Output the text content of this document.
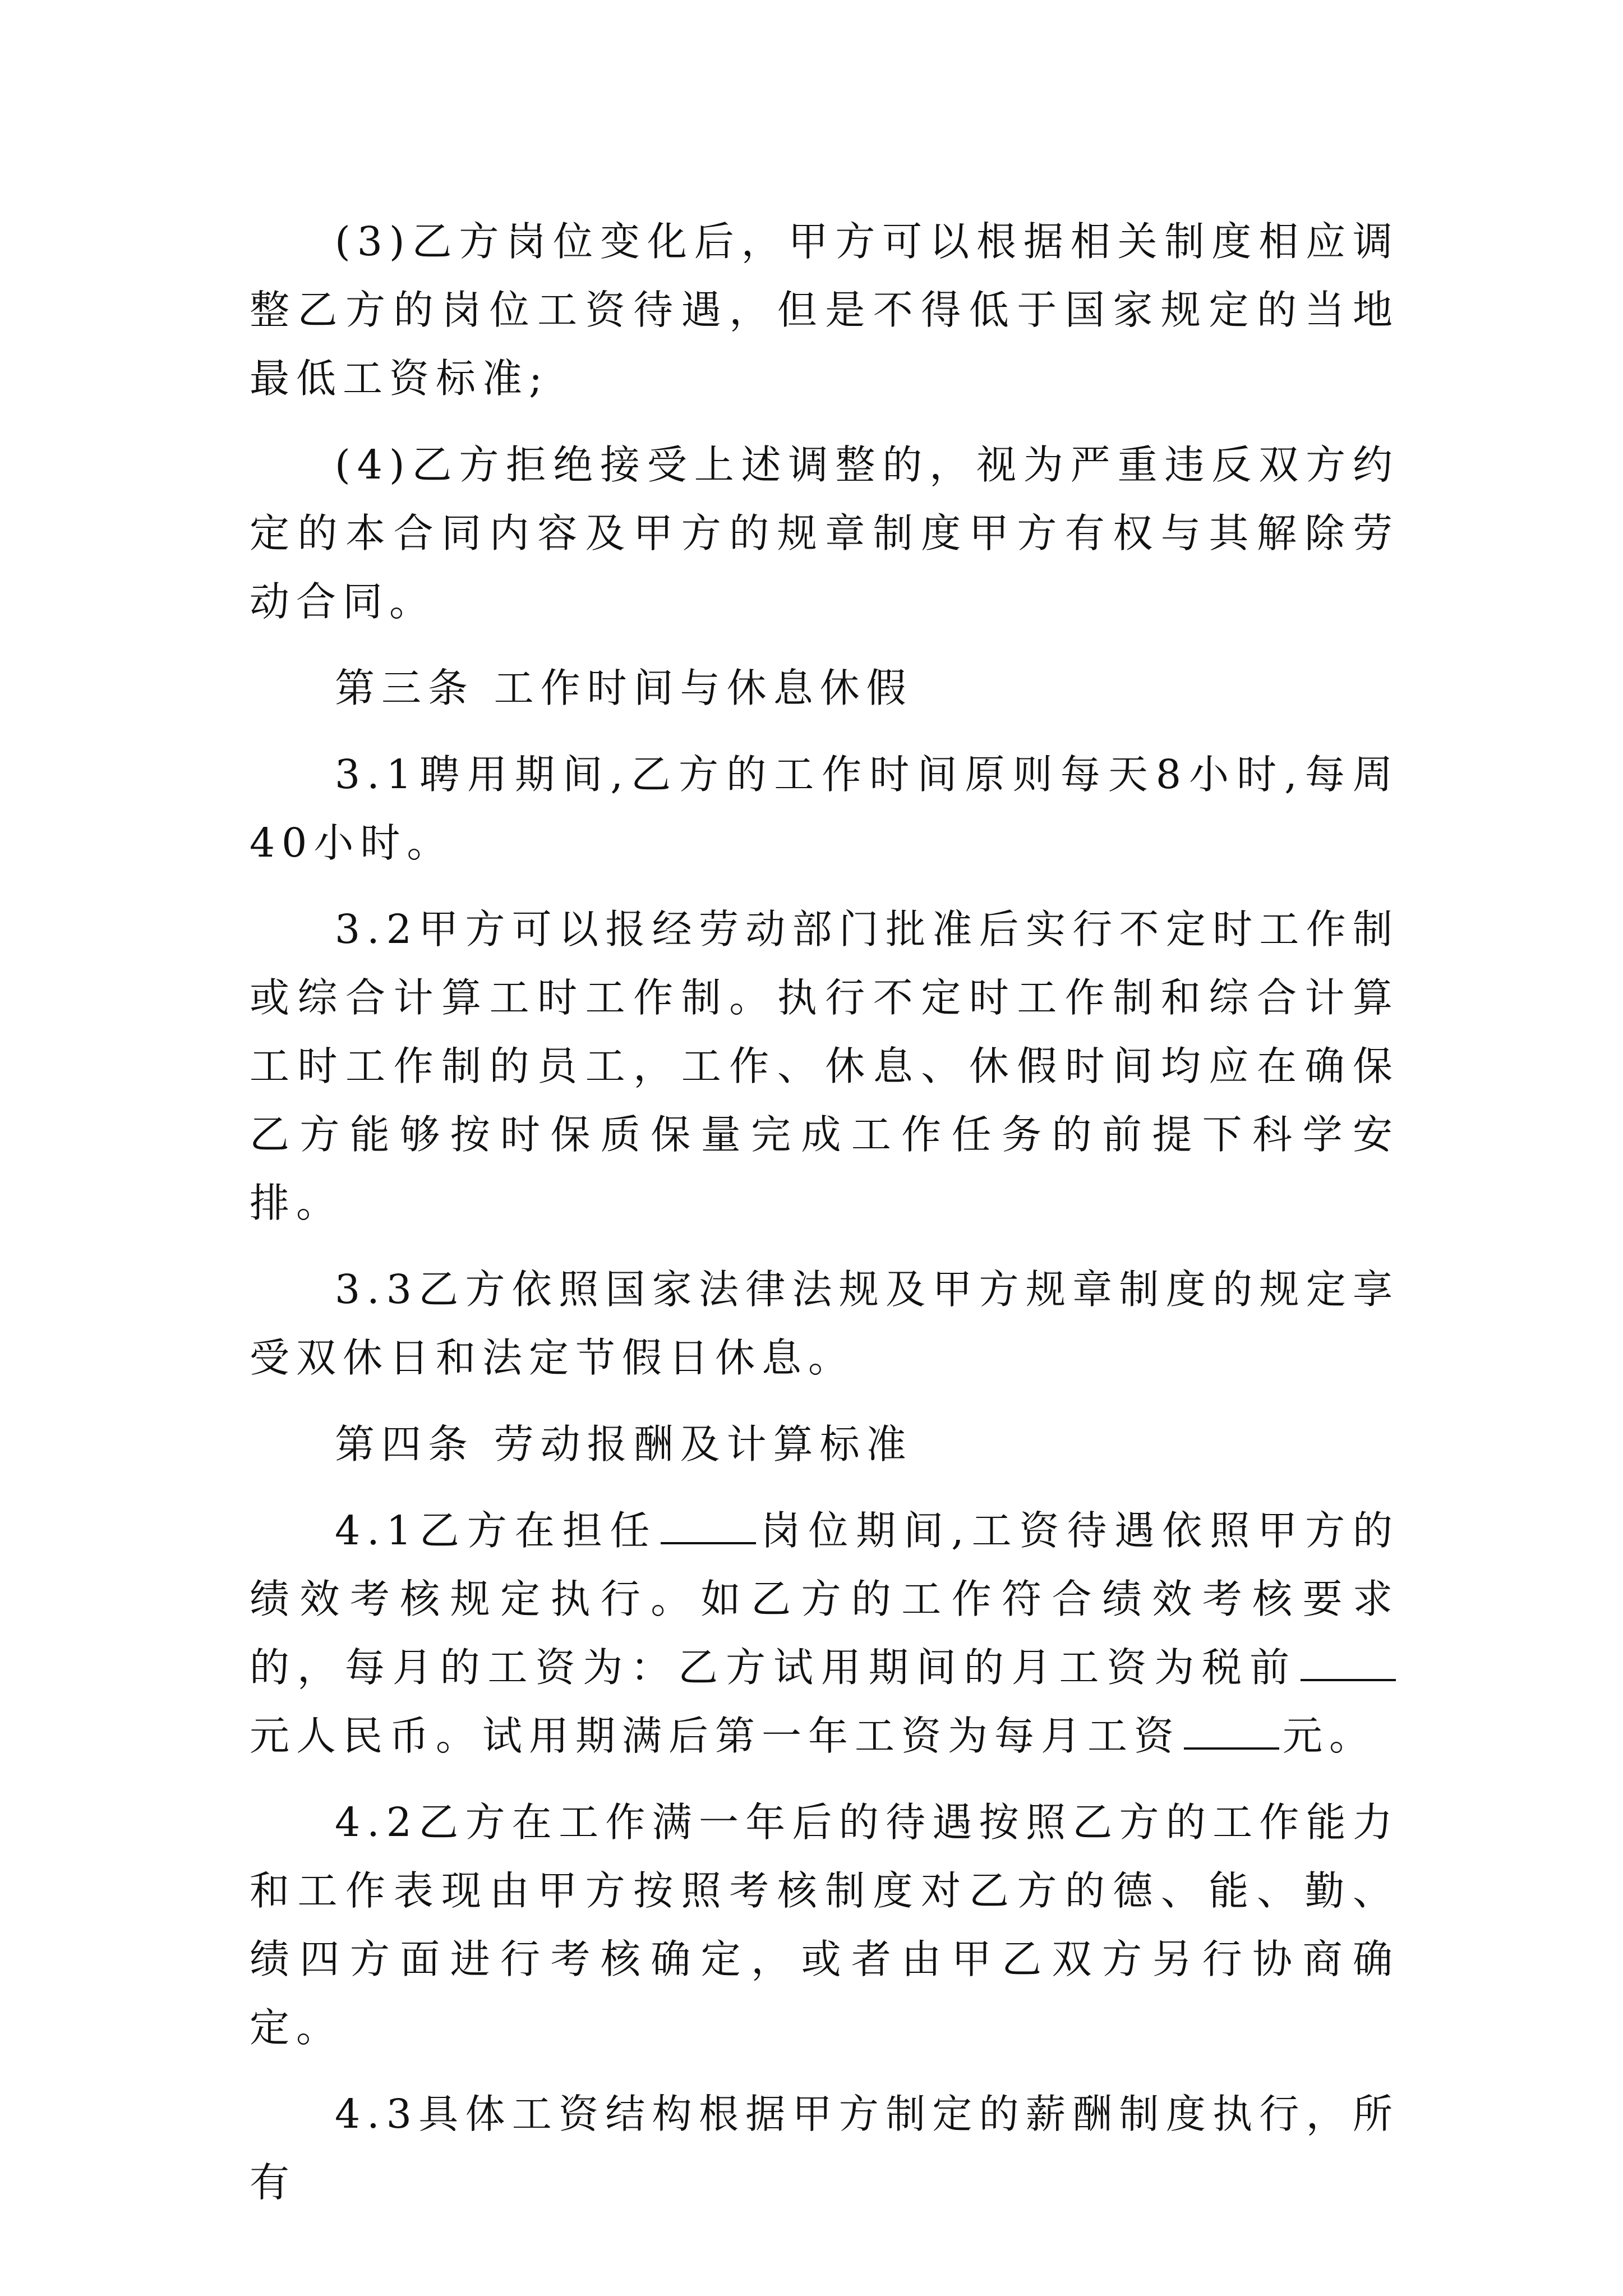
(3)乙方岗位变化后，甲方可以根据相关制度相应调整乙方的岗位工资待遇，但是不得低于国家规定的当地最低工资标准;

(4)乙方拒绝接受上述调整的，视为严重违反双方约定的本合同内容及甲方的规章制度甲方有权与其解除劳动合同。

第三条 工作时间与休息休假

3.1聘用期间,乙方的工作时间原则每天8小时,每周40小时。

3.2甲方可以报经劳动部门批准后实行不定时工作制或综合计算工时工作制。执行不定时工作制和综合计算工时工作制的员工，工作、休息、休假时间均应在确保乙方能够按时保质保量完成工作任务的前提下科学安排。

3.3乙方依照国家法律法规及甲方规章制度的规定享受双休日和法定节假日休息。

第四条 劳动报酬及计算标准

4.1乙方在担任	岗位期间,工资待遇依照甲方的绩效考核规定执行。如乙方的工作符合绩效考核要求的，每月的工资为：乙方试用期间的月工资为税前元人民币。试用期满后第一年工资为每月工资	元。

4.2乙方在工作满一年后的待遇按照乙方的工作能力和工作表现由甲方按照考核制度对乙方的德、能、勤、绩四方面进行考核确定，或者由甲乙双方另行协商确定。

4.3具体工资结构根据甲方制定的薪酬制度执行，所有
